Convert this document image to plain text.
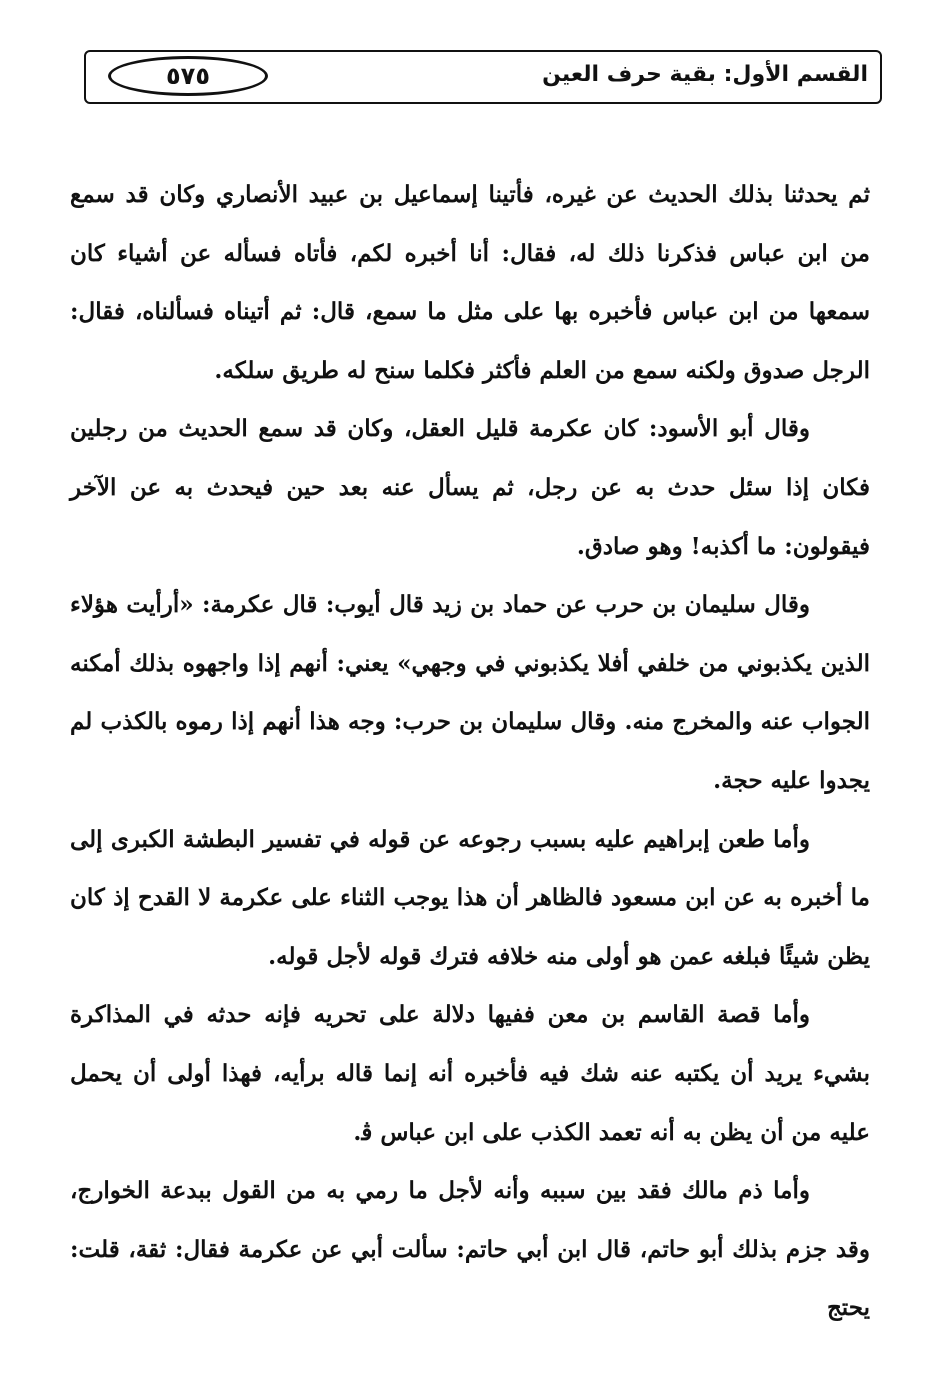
القسم الأول: بقية حرف العين
٥٧٥

ثم يحدثنا بذلك الحديث عن غيره، فأتينا إسماعيل بن عبيد الأنصاري وكان قد سمع من ابن عباس فذكرنا ذلك له، فقال: أنا أخبره لكم، فأتاه فسأله عن أشياء كان سمعها من ابن عباس فأخبره بها على مثل ما سمع، قال: ثم أتيناه فسألناه، فقال: الرجل صدوق ولكنه سمع من العلم فأكثر فكلما سنح له طريق سلكه.

وقال أبو الأسود: كان عكرمة قليل العقل، وكان قد سمع الحديث من رجلين فكان إذا سئل حدث به عن رجل، ثم يسأل عنه بعد حين فيحدث به عن الآخر فيقولون: ما أكذبه! وهو صادق.

وقال سليمان بن حرب عن حماد بن زيد قال أيوب: قال عكرمة: «أرأيت هؤلاء الذين يكذبوني من خلفي أفلا يكذبوني في وجهي» يعني: أنهم إذا واجهوه بذلك أمكنه الجواب عنه والمخرج منه. وقال سليمان بن حرب: وجه هذا أنهم إذا رموه بالكذب لم يجدوا عليه حجة.

وأما طعن إبراهيم عليه بسبب رجوعه عن قوله في تفسير البطشة الكبرى إلى ما أخبره به عن ابن مسعود فالظاهر أن هذا يوجب الثناء على عكرمة لا القدح إذ كان يظن شيئًا فبلغه عمن هو أولى منه خلافه فترك قوله لأجل قوله.

وأما قصة القاسم بن معن ففيها دلالة على تحريه فإنه حدثه في المذاكرة بشيء يريد أن يكتبه عنه شك فيه فأخبره أنه إنما قاله برأيه، فهذا أولى أن يحمل عليه من أن يظن به أنه تعمد الكذب على ابن عباس ﭬ.

وأما ذم مالك فقد بين سببه وأنه لأجل ما رمي به من القول ببدعة الخوارج، وقد جزم بذلك أبو حاتم، قال ابن أبي حاتم: سألت أبي عن عكرمة فقال: ثقة، قلت: يحتج
